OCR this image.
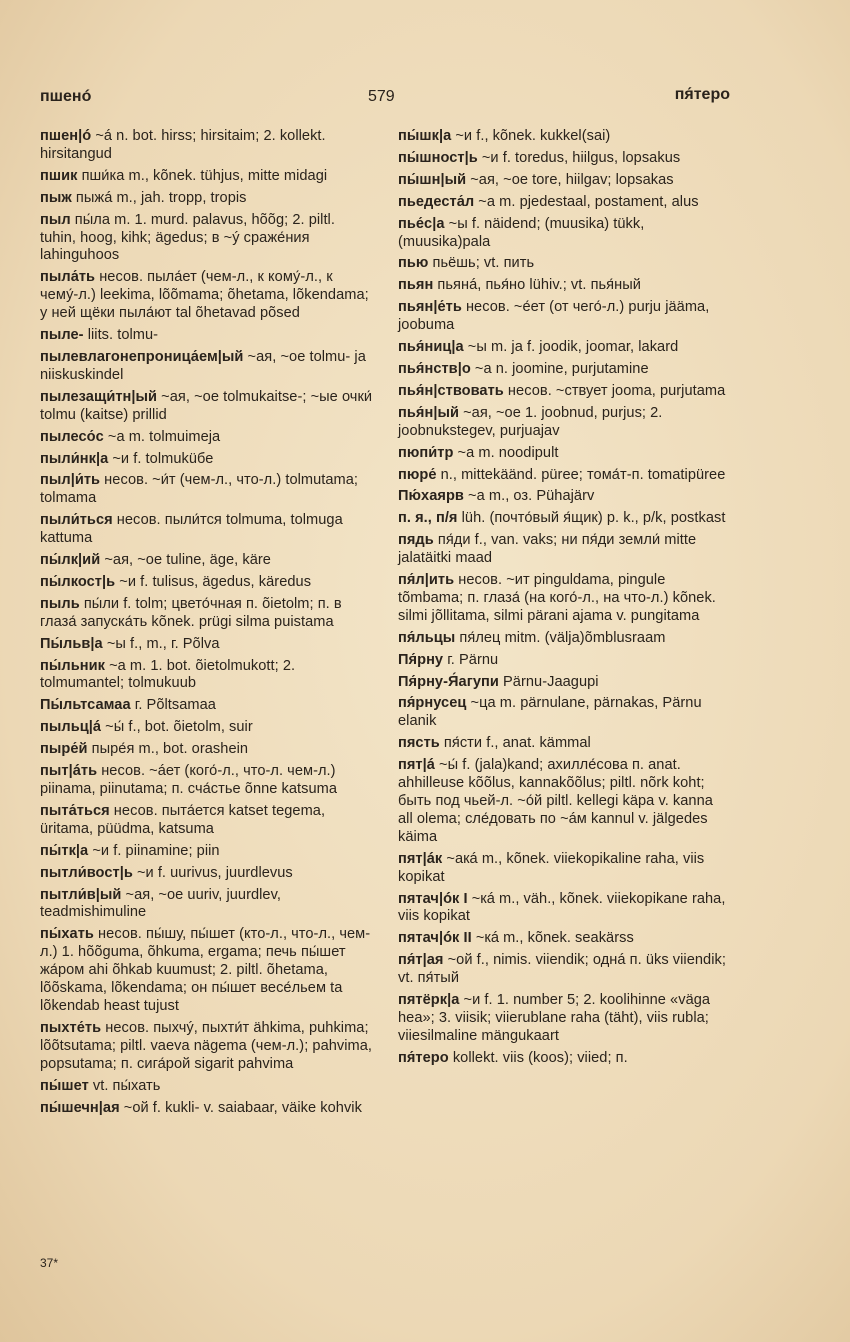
пшенó	579	пя́теро
пшен|ó ~á n. bot. hirss; hirsitaim; 2. kollekt. hirsitangud
пшик пши́ка m., kõnek. tühjus, mitte midagi
пыж пыжá m., jah. tropp, tropis
пыл пы́ла m. 1. murd. palavus, hõõg; 2. piltl. tuhin, hoog, kihk; ägedus; в ~ý сраже́ния lahinguhoos
пыла́ть несов. пыла́ет (чем-л., к кому́-л., к чему́-л.) leekima, lõõmama; õhetama, lõkendama; у ней щёки пыла́ют tal õhetavad põsed
пыле- liits. tolmu-
пылевлагонепроница́ем|ый ~ая, ~ое tolmu- ja niiskuskindel
пылезащи́тн|ый ~ая, ~ое tolmukaitse-; ~ые очки́ tolmu (kaitse) prillid
пылесо́с ~а m. tolmuimeja
пыли́нк|а ~и f. tolmuküбе
пыл|и́ть несов. ~и́т (чем-л., что-л.) tolmutama; tolmama
пыли́ться несов. пыли́тся tolmuma, tolmuga kattuma
пы́лк|ий ~ая, ~ое tuline, äge, käre
пы́лкост|ь ~и f. tulisus, ägedus, käredus
пыль пы́ли f. tolm; цвето́чная п. õietolm; п. в глаза́ запуска́ть kõnek. prügi silma puistama
Пы́льв|а ~ы f., m., г. Põlva
пы́льник ~а m. 1. bot. õietolmukott; 2. tolmumantel; tolmukuub
Пы́льтсамаа г. Põltsamaa
пыльц|á ~ы́ f., bot. õietolm, suir
пыре́й пыре́я m., bot. orashein
пыт|áть несов. ~áет (кого́-л., что-л. чем-л.) piinama, piinutama; п. сча́стье õnne katsuma
пыта́ться несов. пыта́ется katset tegema, üritama, püüdma, katsuma
пы́тк|а ~и f. piinamine; piin
пытли́вост|ь ~и f. uurivus, juurdlevus
пытли́в|ый ~ая, ~ое uuriv, juurdlev, teadmishimuline
пы́хать несов. пы́шу, пы́шет (кто-л., что-л., чем-л.) 1. hõõguma, õhkuma, ergama; печь пы́шет жа́ром ahi õhkab kuumust; 2. piltl. õhetama, lõõskama, lõkendama; он пы́шет весе́льем ta lõkendab heast tujust
пыхте́ть несов. пыхчý, пыхти́т ähkima, puhkima; lõõtsutama; piltl. vaeva nägema (чем-л.); pahvima, popsutama; п. сига́рой sigarit pahvima
пы́шет vt. пы́хать
пы́шечн|ая ~ой f. kukli- v. saiabaar, väike kohvik
пы́шк|а ~и f., kõnek. kukkel(sai)
пы́шност|ь ~и f. toredus, hiilgus, lopsakus
пы́шн|ый ~ая, ~ое tore, hiilgav; lopsakas
пьедеста́л ~а m. pjedestaal, postament, alus
пье́с|а ~ы f. näidend; (muusika) tükk, (muusika)pala
пью пьёшь; vt. пить
пьян пьянá, пья́но lühiv.; vt. пья́ный
пьян|е́ть несов. ~е́ет (от чего́-л.) purju jääma, joobuma
пья́ниц|а ~ы m. ja f. joodik, joomar, lakard
пья́нств|о ~а n. joomine, purjutamine
пья́н|ствовать несов. ~ствует jooma, purjutama
пья́н|ый ~ая, ~ое 1. joobnud, purjus; 2. joobnukstegev, purjuajav
пюпи́тр ~а m. noodipult
пюре́ n., mittekäänd. püree; тома́т-п. tomatipüree
Пю́хаярв ~а m., оз. Pühajärv
п. я., п/я lüh. (почто́вый я́щик) p. k., p/k, postkast
пядь пя́ди f., van. vaks; ни пя́ди земли́ mitte jalatäitki maad
пя́л|ить несов. ~ит pinguldama, pingule tõmbama; п. глаза́ (на кого́-л., на что-л.) kõnek. silmi jõllitama, silmi pärani ajama v. pungitama
пя́льцы пя́лец mitm. (välja)õmblusraam
Пя́рну г. Pärnu
Пя́рну-Я́агупи Pärnu-Jaagupi
пя́рнусец ~ца m. pärnulane, pärnakas, Pärnu elanik
пясть пя́сти f., anat. kämmal
пят|á ~ы́ f. (jala)kand; ахилле́сова п. anat. ahhilleuse kõõlus, kannakõõlus; piltl. nõrk koht; быть под чьей-л. ~о́й piltl. kellegi käpa v. kanna all olema; сле́довать по ~áм kannul v. jälgedes käima
пят|áк ~акá m., kõnek. viiekopikaline raha, viis kopikat
пятач|óк I ~кá m., väh., kõnek. viiekopikane raha, viis kopikat
пятач|óк II ~кá m., kõnek. seakärss
пя́т|ая ~ой f., nimis. viiendik; однá п. üks viiendik; vt. пя́тый
пятёрк|а ~и f. 1. number 5; 2. koolihinne «väga hea»; 3. viisik; viierublane raha (täht), viis rubla; viiesilmaline mängukaart
пя́теро kollekt. viis (koos); viied; п.
37*
